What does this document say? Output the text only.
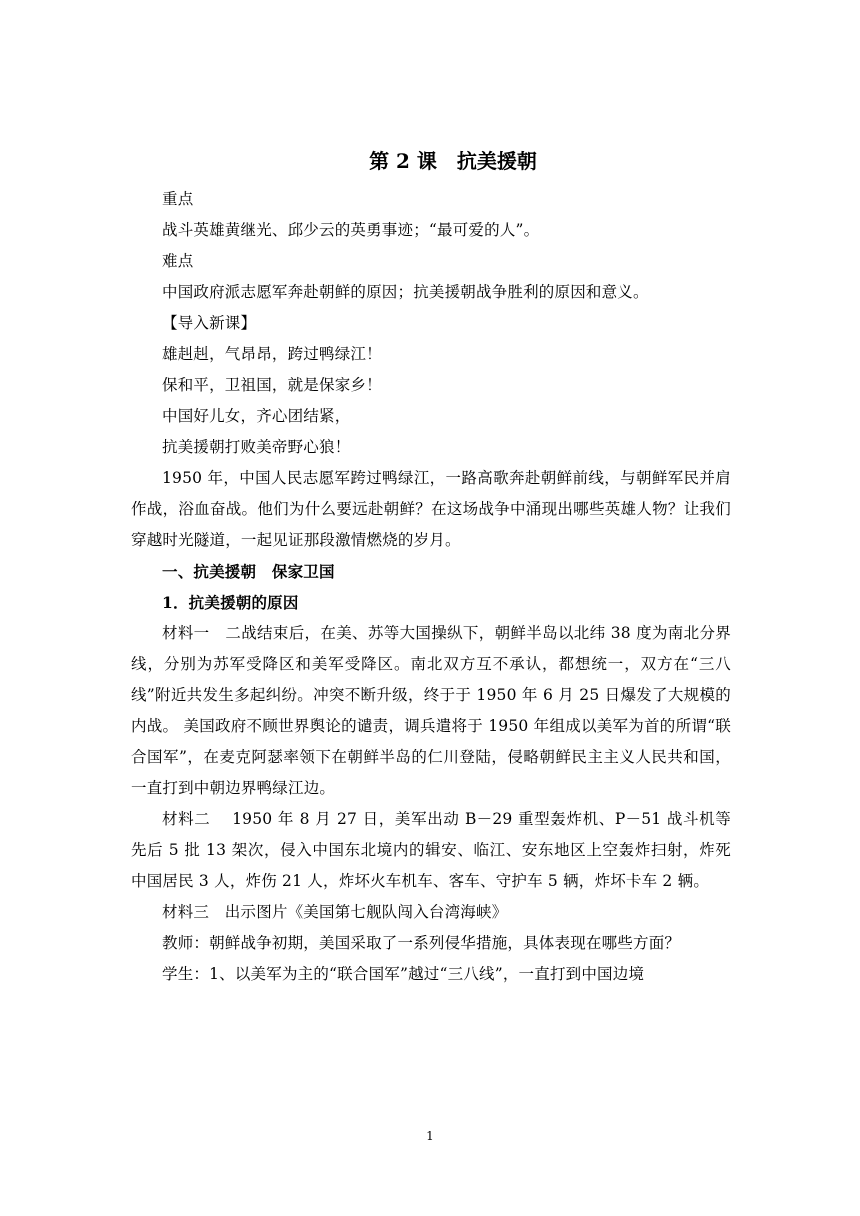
第 2 课　抗美援朝

重点

战斗英雄黄继光、邱少云的英勇事迹；“最可爱的人”。

难点

中国政府派志愿军奔赴朝鲜的原因；抗美援朝战争胜利的原因和意义。

【导入新课】

雄赳赳，气昂昂，跨过鸭绿江！

保和平，卫祖国，就是保家乡！

中国好儿女，齐心团结紧，

抗美援朝打败美帝野心狼！

1950 年，中国人民志愿军跨过鸭绿江，一路高歌奔赴朝鲜前线，与朝鲜军民并肩作战，浴血奋战。他们为什么要远赴朝鲜？在这场战争中涌现出哪些英雄人物？让我们穿越时光隧道，一起见证那段激情燃烧的岁月。

一、抗美援朝　保家卫国

1．抗美援朝的原因

材料一　二战结束后，在美、苏等大国操纵下，朝鲜半岛以北纬 38 度为南北分界线，分别为苏军受降区和美军受降区。南北双方互不承认，都想统一，双方在“三八线”附近共发生多起纠纷。冲突不断升级，终于于 1950 年 6 月 25 日爆发了大规模的内战。 美国政府不顾世界舆论的谴责，调兵遣将于 1950 年组成以美军为首的所谓“联合国军”，在麦克阿瑟率领下在朝鲜半岛的仁川登陆，侵略朝鲜民主主义人民共和国，一直打到中朝边界鸭绿江边。

材料二　 1950 年 8 月 27 日，美军出动 B－29 重型轰炸机、P－51 战斗机等先后 5 批 13 架次，侵入中国东北境内的辑安、临江、安东地区上空轰炸扫射，炸死中国居民 3 人，炸伤 21 人，炸坏火车机车、客车、守护车 5 辆，炸坏卡车 2 辆。

材料三　出示图片《美国第七舰队闯入台湾海峡》

教师：朝鲜战争初期，美国采取了一系列侵华措施，具体表现在哪些方面？

学生：1、以美军为主的“联合国军”越过“三八线”，一直打到中国边境

1
